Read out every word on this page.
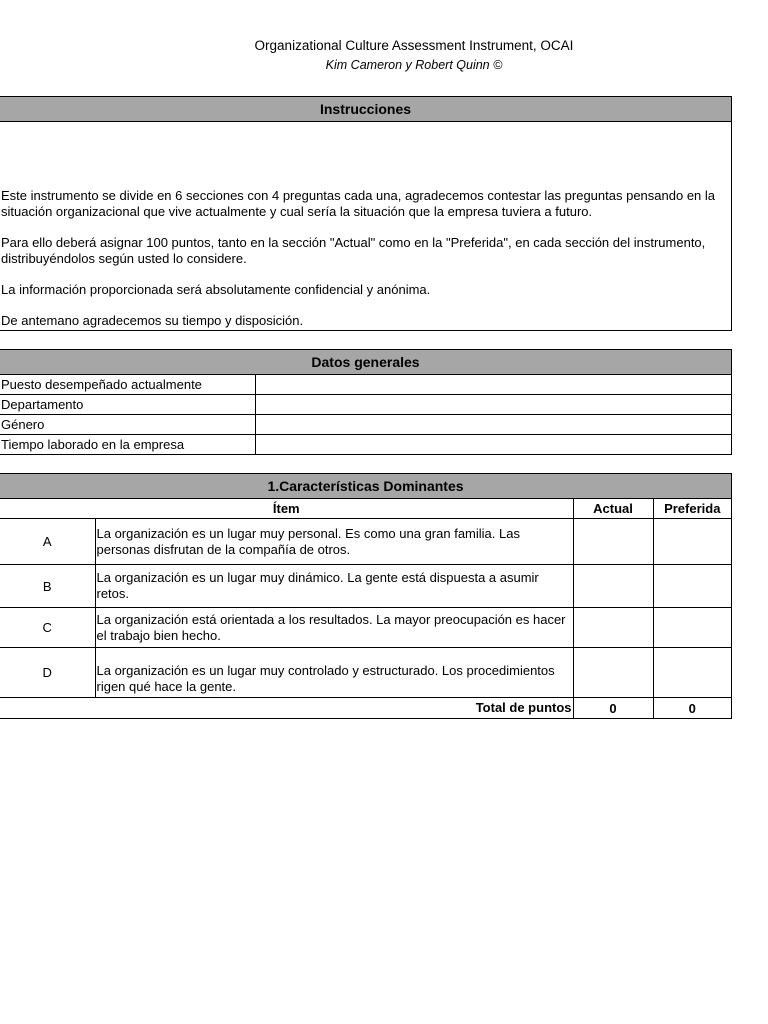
Organizational Culture Assessment Instrument, OCAI
Kim Cameron y Robert Quinn ©
Instrucciones

Este instrumento se divide en 6 secciones con 4 preguntas cada una, agradecemos contestar las preguntas pensando en la situación organizacional que vive actualmente y cual sería la situación que la empresa tuviera a futuro.

Para ello deberá asignar 100 puntos, tanto en la sección "Actual" como en la "Preferida", en cada sección del instrumento, distribuyéndolos según usted lo considere.

La información proporcionada será absolutamente confidencial y anónima.

De antemano agradecemos su tiempo y disposición.

Datos generales
Puesto desempeñado actualmente	
Departamento	
Género	
Tiempo laborado en la empresa	
1.Características Dominantes
Ítem		Actual	Preferida
A	La organización es un lugar muy personal. Es como una gran familia. Las personas disfrutan de la compañía de otros.		
B	La organización es un lugar muy dinámico. La gente está dispuesta a asumir retos.		
C	La organización está orientada a los resultados. La mayor preocupación es hacer el trabajo bien hecho.		
D	La organización es un lugar muy controlado y estructurado. Los procedimientos rigen qué hace la gente.		
Total de puntos		0	0
